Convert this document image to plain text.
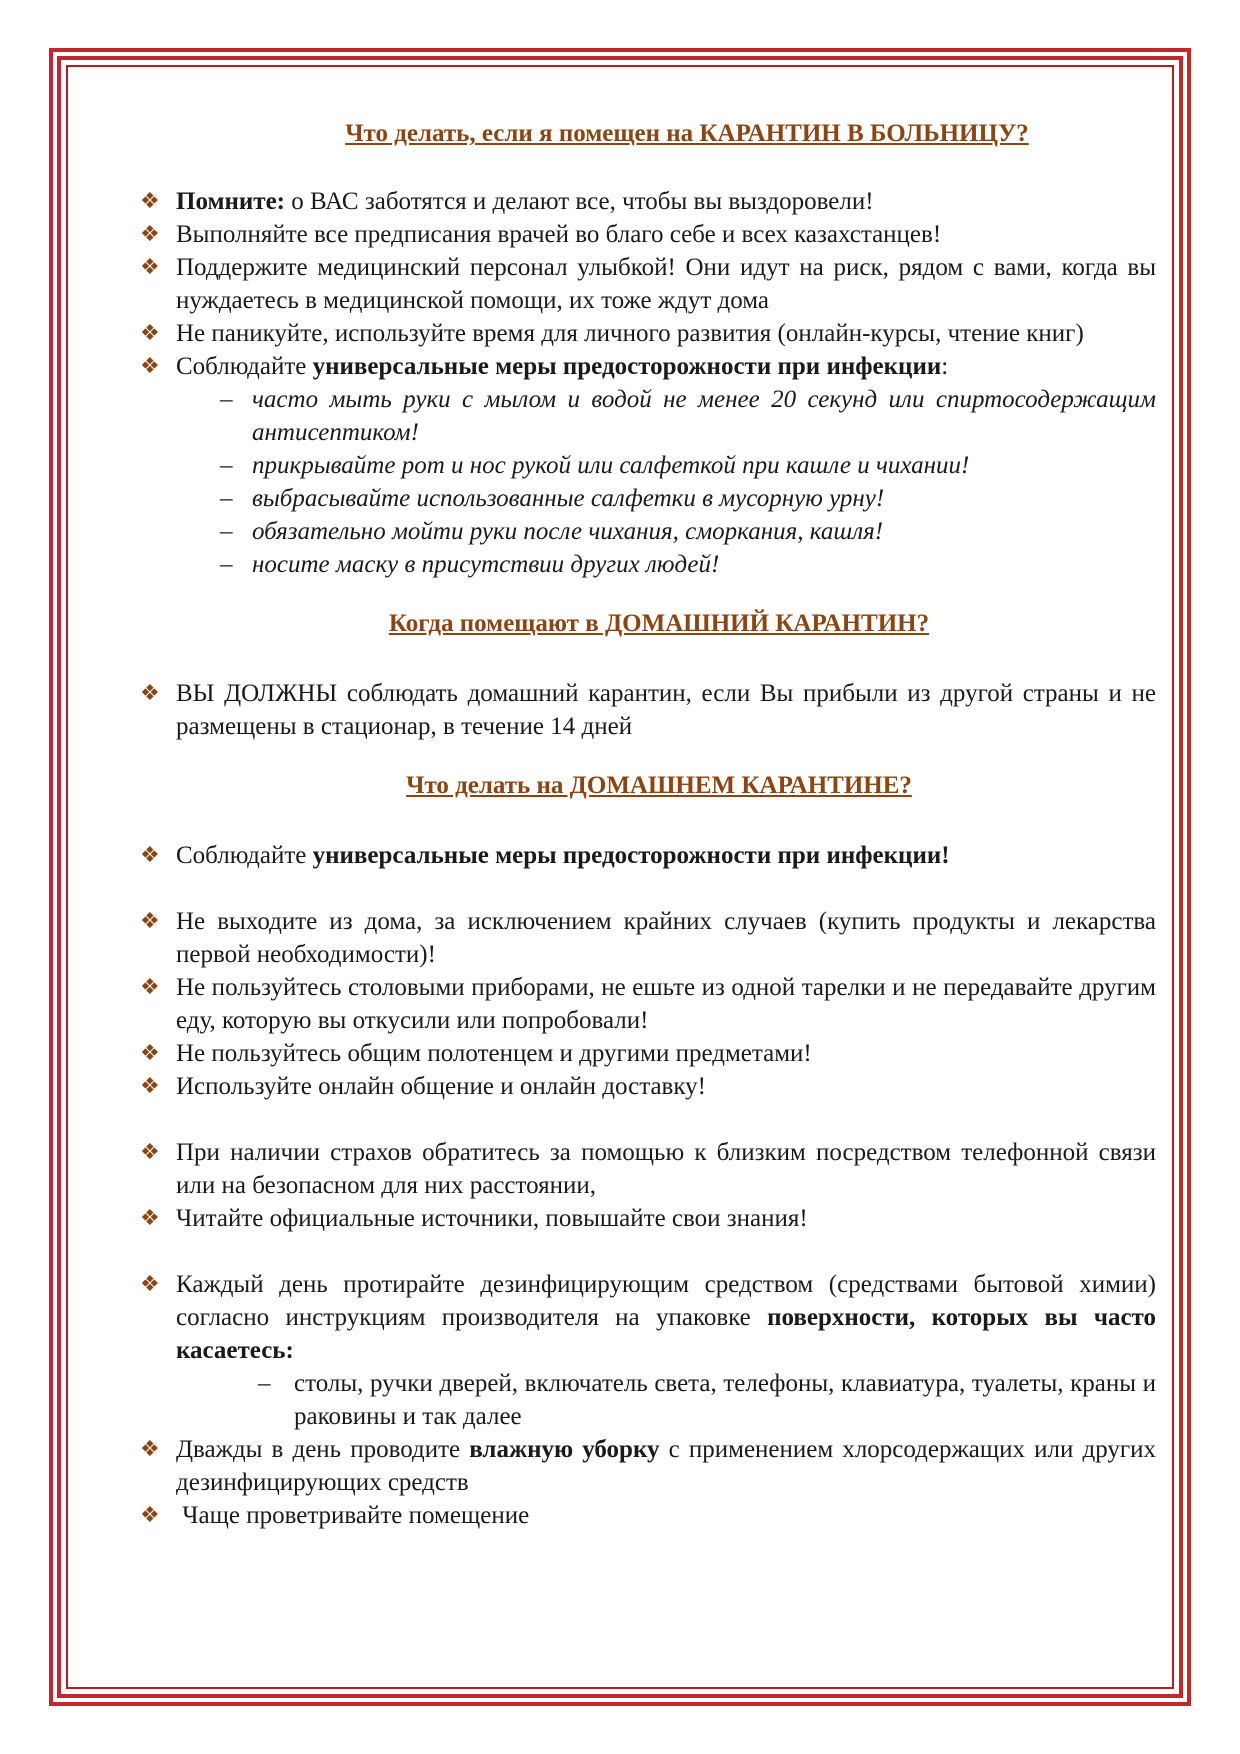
Что делать, если я помещен на КАРАНТИН В БОЛЬНИЦУ?
❖ Помните: о ВАС заботятся и делают все, чтобы вы выздоровели!
❖ Выполняйте все предписания врачей во благо себе и всех казахстанцев!
❖ Поддержите медицинский персонал улыбкой! Они идут на риск, рядом с вами, когда вы нуждаетесь в медицинской помощи, их тоже ждут дома
❖ Не паникуйте, используйте время для личного развития (онлайн-курсы, чтение книг)
❖ Соблюдайте универсальные меры предосторожности при инфекции:
– часто мыть руки с мылом и водой не менее 20 секунд или спиртосодержащим антисептиком!
– прикрывайте рот и нос рукой или салфеткой при кашле и чихании!
– выбрасывайте использованные салфетки в мусорную урну!
– обязательно мойти руки после чихания, сморкания, кашля!
– носите маску в присутствии других людей!
Когда помещают в ДОМАШНИЙ КАРАНТИН?
❖ ВЫ ДОЛЖНЫ соблюдать домашний карантин, если Вы прибыли из другой страны и не размещены в стационар, в течение 14 дней
Что делать на ДОМАШНЕМ КАРАНТИНЕ?
❖ Соблюдайте универсальные меры предосторожности при инфекции!
❖ Не выходите из дома, за исключением крайних случаев (купить продукты и лекарства первой необходимости)!
❖ Не пользуйтесь столовыми приборами, не ешьте из одной тарелки и не передавайте другим еду, которую вы откусили или попробовали!
❖ Не пользуйтесь общим полотенцем и другими предметами!
❖ Используйте онлайн общение и онлайн доставку!
❖ При наличии страхов обратитесь за помощью к близким посредством телефонной связи или на безопасном для них расстоянии,
❖ Читайте официальные источники, повышайте свои знания!
❖ Каждый день протирайте дезинфицирующим средством (средствами бытовой химии) согласно инструкциям производителя на упаковке поверхности, которых вы часто касаетесь:
– столы, ручки дверей, включатель света, телефоны, клавиатура, туалеты, краны и раковины и так далее
❖ Дважды в день проводите влажную уборку с применением хлорсодержащих или других дезинфицирующих средств
❖ Чаще проветривайте помещение
